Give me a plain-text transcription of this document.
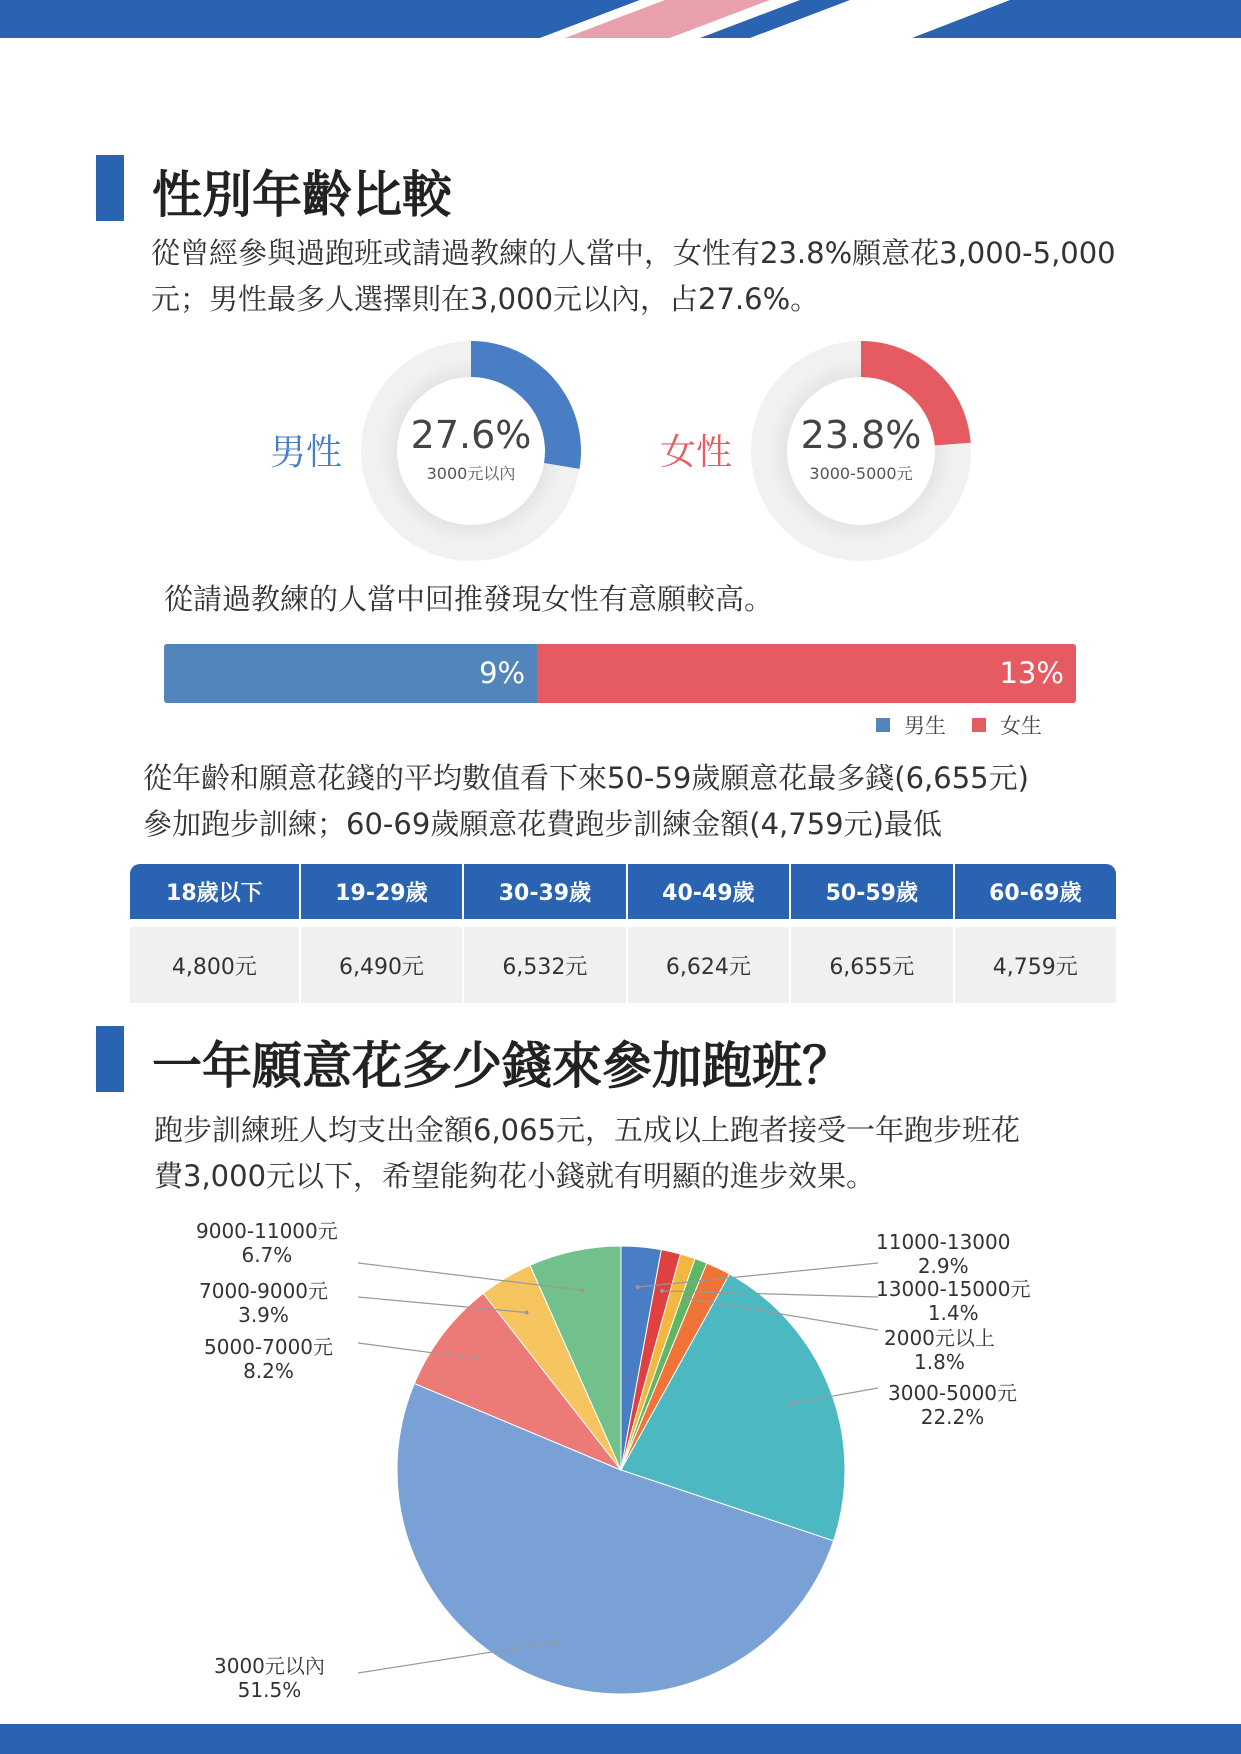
性別年齡比較
從曾經參與過跑班或請過教練的人當中，女性有23.8%願意花3,000-5,000
元；男性最多人選擇則在3,000元以內，占27.6%。
男性	27.6%
3000元以內
女性	23.8%
3000-5000元
從請過教練的人當中回推發現女性有意願較高。
9%	13%
男生	女生
從年齡和願意花錢的平均數值看下來50-59歲願意花最多錢(6,655元)
參加跑步訓練；60-69歲願意花費跑步訓練金額(4,759元)最低
18歲以下	19-29歲	30-39歲	40-49歲	50-59歲	60-69歲

4,800元	6,490元	6,532元	6,624元	6,655元	4,759元
一年願意花多少錢來參加跑班？
跑步訓練班人均支出金額6,065元，五成以上跑者接受一年跑步班花
費3,000元以下，希望能夠花小錢就有明顯的進步效果。
9000-11000元
6.7%
7000-9000元
3.9%
5000-7000元
8.2%
3000元以內
51.5%
11000-13000
2.9%
13000-15000元
1.4%
2000元以上
1.8%
3000-5000元
22.2%
